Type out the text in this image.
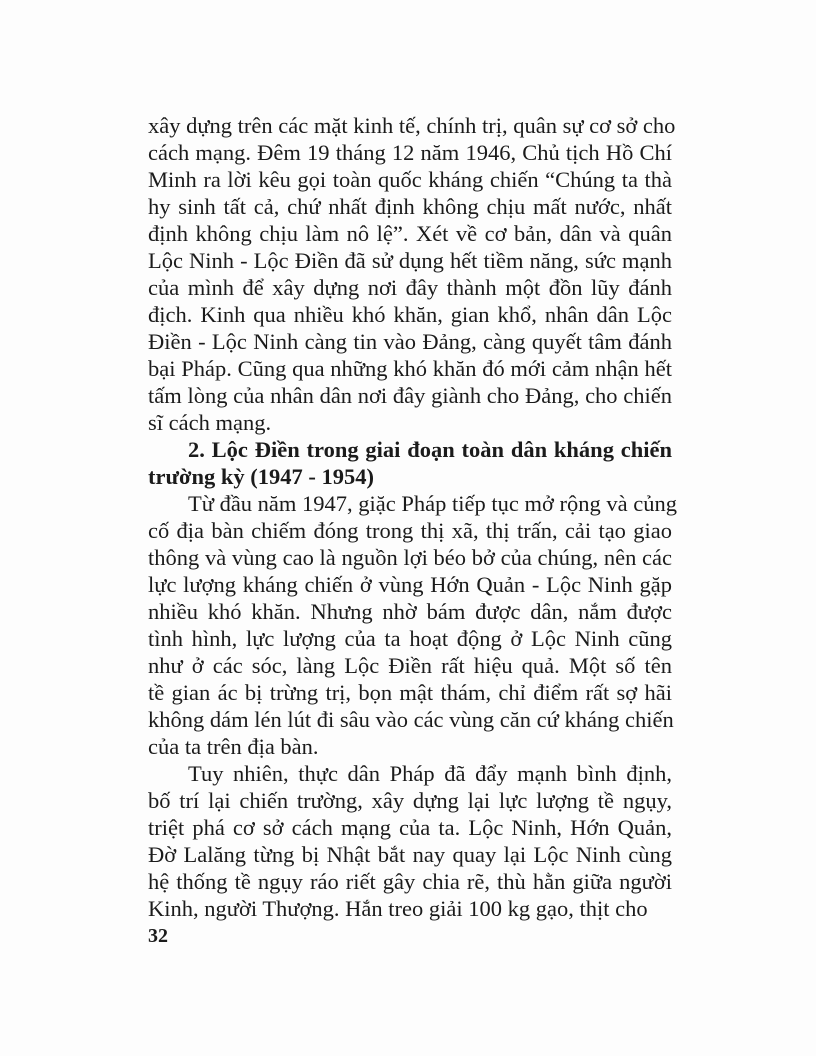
xây dựng trên các mặt kinh tế, chính trị, quân sự cơ sở cho
cách mạng. Đêm 19 tháng 12 năm 1946, Chủ tịch Hồ Chí
Minh ra lời kêu gọi toàn quốc kháng chiến “Chúng ta thà
hy sinh tất cả, chứ nhất định không chịu mất nước, nhất
định không chịu làm nô lệ”. Xét về cơ bản, dân và quân
Lộc Ninh - Lộc Điền đã sử dụng hết tiềm năng, sức mạnh
của mình để xây dựng nơi đây thành một đồn lũy đánh
địch. Kinh qua nhiều khó khăn, gian khổ, nhân dân Lộc
Điền - Lộc Ninh càng tin vào Đảng, càng quyết tâm đánh
bại Pháp. Cũng qua những khó khăn đó mới cảm nhận hết
tấm lòng của nhân dân nơi đây giành cho Đảng, cho chiến
sĩ cách mạng.
2. Lộc Điền trong giai đoạn toàn dân kháng chiến
trường kỳ (1947 - 1954)
Từ đầu năm 1947, giặc Pháp tiếp tục mở rộng và củng
cố địa bàn chiếm đóng trong thị xã, thị trấn, cải tạo giao
thông và vùng cao là nguồn lợi béo bở của chúng, nên các
lực lượng kháng chiến ở vùng Hớn Quản - Lộc Ninh gặp
nhiều khó khăn. Nhưng nhờ bám được dân, nắm được
tình hình, lực lượng của ta hoạt động ở Lộc Ninh cũng
như ở các sóc, làng Lộc Điền rất hiệu quả. Một số tên
tề gian ác bị trừng trị, bọn mật thám, chỉ điểm rất sợ hãi
không dám lén lút đi sâu vào các vùng căn cứ kháng chiến
của ta trên địa bàn.
Tuy nhiên, thực dân Pháp đã đẩy mạnh bình định,
bố trí lại chiến trường, xây dựng lại lực lượng tề ngụy,
triệt phá cơ sở cách mạng của ta. Lộc Ninh, Hớn Quản,
Đờ Lalăng từng bị Nhật bắt nay quay lại Lộc Ninh cùng
hệ thống tề ngụy ráo riết gây chia rẽ, thù hằn giữa người
Kinh, người Thượng. Hắn treo giải 100 kg gạo, thịt cho
32
